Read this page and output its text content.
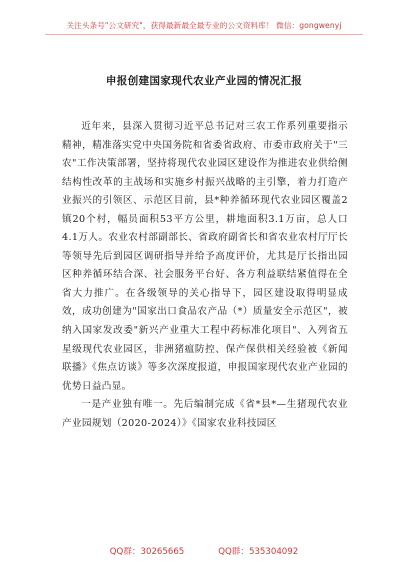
关注头条号"公文研究"，获得最新最全最专业的公文资料库！ 微信：gongwenyj
申报创建国家现代农业产业园的情况汇报

近年来，县深入贯彻习近平总书记对三农工作系列重要指示精神，精准落实党中央国务院和省委省政府、市委市政府关于"三农"工作决策部署，坚持将现代农业园区建设作为推进农业供给侧结构性改革的主战场和实施乡村振兴战略的主引擎，着力打造产业振兴的引领区、示范区目前，县*种养循环现代农业园区覆盖2镇20个村，幅员面积53平方公里，耕地面积3.1万亩，总人口4.1万人。农业农村部副部长、省政府副省长和省农业农村厅厅长等领导先后到园区调研指导并给予高度评价，尤其是厅长指出园区种养循环结合深、社会服务平台好、各方利益联结紧值得在全省大力推广。在各级领导的关心指导下，园区建设取得明显成效，成功创建为"国家出口食品农产品（*）质量安全示范区"，被纳入国家发改委"新兴产业重大工程中药标准化项目"、入列省五星级现代农业园区，非洲猪瘟防控、保产保供相关经验被《新闻联播》《焦点访谈》等多次深度报道，申报国家现代农业产业园的优势日益凸显。

一是产业独有唯一。先后编制完成《省*县*—生猪现代农业产业园规划（2020-2024）》《国家农业科技园区

QQ群：30265665	QQ群：535304092
